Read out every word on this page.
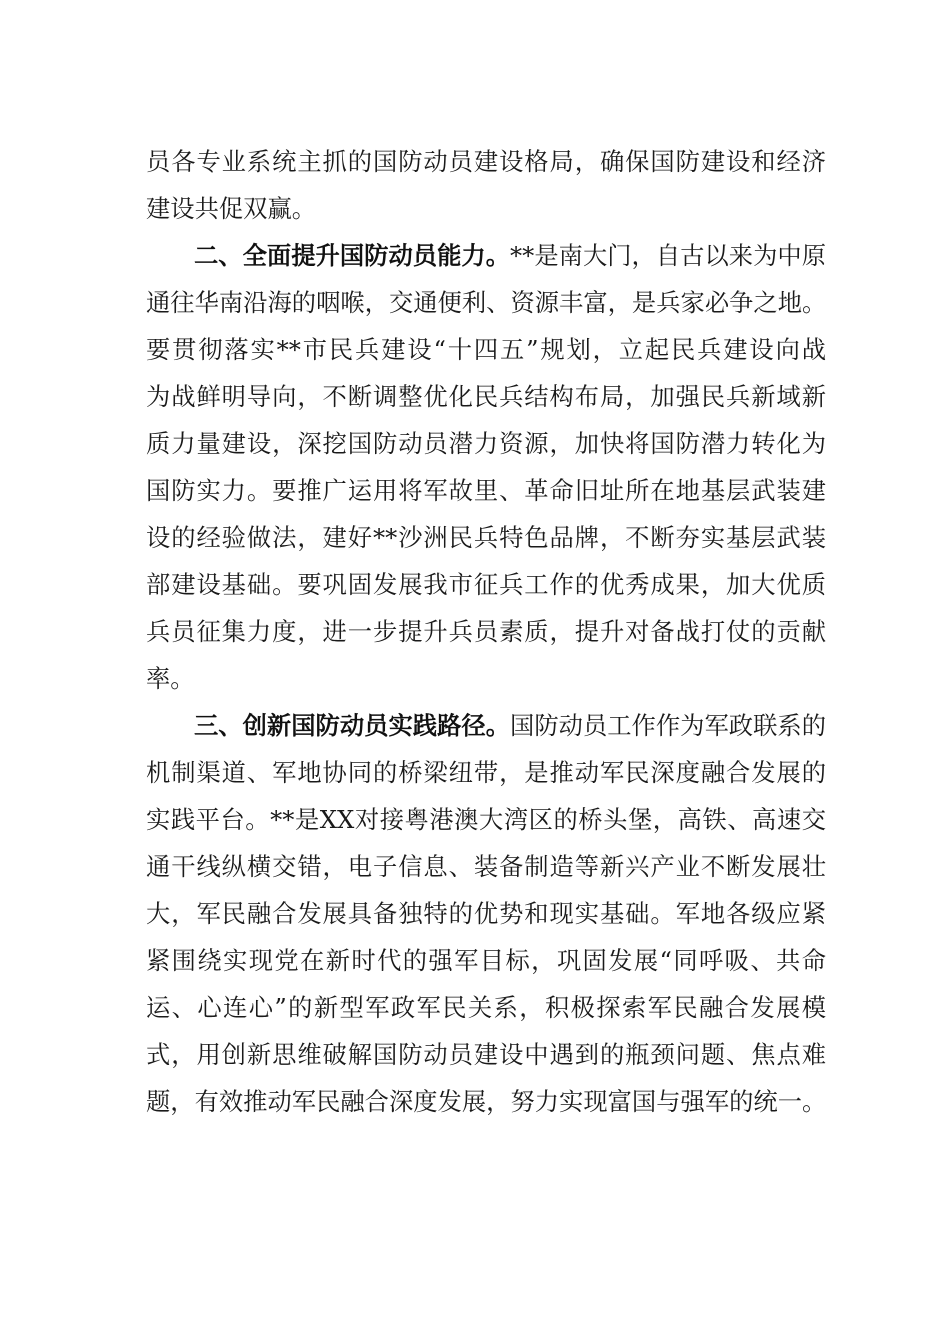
员各专业系统主抓的国防动员建设格局，确保国防建设和经济
建设共促双赢。
二、全面提升国防动员能力。**是南大门，自古以来为中原
通往华南沿海的咽喉，交通便利、资源丰富，是兵家必争之地。
要贯彻落实**市民兵建设“十四五”规划，立起民兵建设向战
为战鲜明导向，不断调整优化民兵结构布局，加强民兵新域新
质力量建设，深挖国防动员潜力资源，加快将国防潜力转化为
国防实力。要推广运用将军故里、革命旧址所在地基层武装建
设的经验做法，建好**沙洲民兵特色品牌，不断夯实基层武装
部建设基础。要巩固发展我市征兵工作的优秀成果，加大优质
兵员征集力度，进一步提升兵员素质，提升对备战打仗的贡献
率。
三、创新国防动员实践路径。国防动员工作作为军政联系的
机制渠道、军地协同的桥梁纽带，是推动军民深度融合发展的
实践平台。**是XX对接粤港澳大湾区的桥头堡，高铁、高速交
通干线纵横交错，电子信息、装备制造等新兴产业不断发展壮
大，军民融合发展具备独特的优势和现实基础。军地各级应紧
紧围绕实现党在新时代的强军目标，巩固发展“同呼吸、共命
运、心连心”的新型军政军民关系，积极探索军民融合发展模
式，用创新思维破解国防动员建设中遇到的瓶颈问题、焦点难
题，有效推动军民融合深度发展，努力实现富国与强军的统一。
